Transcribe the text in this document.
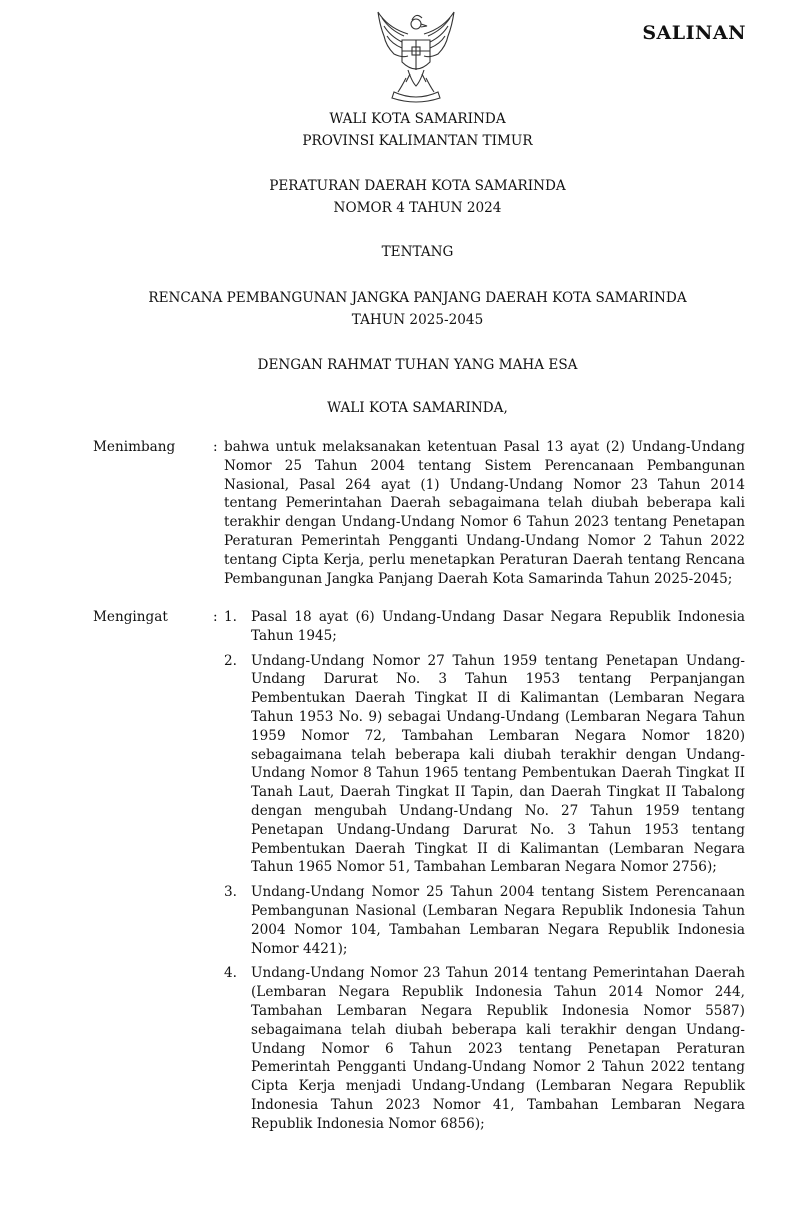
SALINAN
WALI KOTA SAMARINDA
PROVINSI KALIMANTAN TIMUR
PERATURAN DAERAH KOTA SAMARINDA
NOMOR 4 TAHUN 2024
TENTANG
RENCANA PEMBANGUNAN JANGKA PANJANG DAERAH KOTA SAMARINDA
TAHUN 2025-2045
DENGAN RAHMAT TUHAN YANG MAHA ESA
WALI KOTA SAMARINDA,
Menimbang	: bahwa untuk melaksanakan ketentuan Pasal 13 ayat (2) Undang-Undang Nomor 25 Tahun 2004 tentang Sistem Perencanaan Pembangunan Nasional, Pasal 264 ayat (1) Undang-Undang Nomor 23 Tahun 2014 tentang Pemerintahan Daerah sebagaimana telah diubah beberapa kali terakhir dengan Undang-Undang Nomor 6 Tahun 2023 tentang Penetapan Peraturan Pemerintah Pengganti Undang-Undang Nomor 2 Tahun 2022 tentang Cipta Kerja, perlu menetapkan Peraturan Daerah tentang Rencana Pembangunan Jangka Panjang Daerah Kota Samarinda Tahun 2025-2045;
Mengingat	: 1.	Pasal 18 ayat (6) Undang-Undang Dasar Negara Republik Indonesia Tahun 1945;
2.	Undang-Undang Nomor 27 Tahun 1959 tentang Penetapan Undang-Undang Darurat No. 3 Tahun 1953 tentang Perpanjangan Pembentukan Daerah Tingkat II di Kalimantan (Lembaran Negara Tahun 1953 No. 9) sebagai Undang-Undang (Lembaran Negara Tahun 1959 Nomor 72, Tambahan Lembaran Negara Nomor 1820) sebagaimana telah beberapa kali diubah terakhir dengan Undang-Undang Nomor 8 Tahun 1965 tentang Pembentukan Daerah Tingkat II Tanah Laut, Daerah Tingkat II Tapin, dan Daerah Tingkat II Tabalong dengan mengubah Undang-Undang No. 27 Tahun 1959 tentang Penetapan Undang-Undang Darurat No. 3 Tahun 1953 tentang Pembentukan Daerah Tingkat II di Kalimantan (Lembaran Negara Tahun 1965 Nomor 51, Tambahan Lembaran Negara Nomor 2756);
3.	Undang-Undang Nomor 25 Tahun 2004 tentang Sistem Perencanaan Pembangunan Nasional (Lembaran Negara Republik Indonesia Tahun 2004 Nomor 104, Tambahan Lembaran Negara Republik Indonesia Nomor 4421);
4.	Undang-Undang Nomor 23 Tahun 2014 tentang Pemerintahan Daerah (Lembaran Negara Republik Indonesia Tahun 2014 Nomor 244, Tambahan Lembaran Negara Republik Indonesia Nomor 5587) sebagaimana telah diubah beberapa kali terakhir dengan Undang-Undang Nomor 6 Tahun 2023 tentang Penetapan Peraturan Pemerintah Pengganti Undang-Undang Nomor 2 Tahun 2022 tentang Cipta Kerja menjadi Undang-Undang (Lembaran Negara Republik Indonesia Tahun 2023 Nomor 41, Tambahan Lembaran Negara Republik Indonesia Nomor 6856);
